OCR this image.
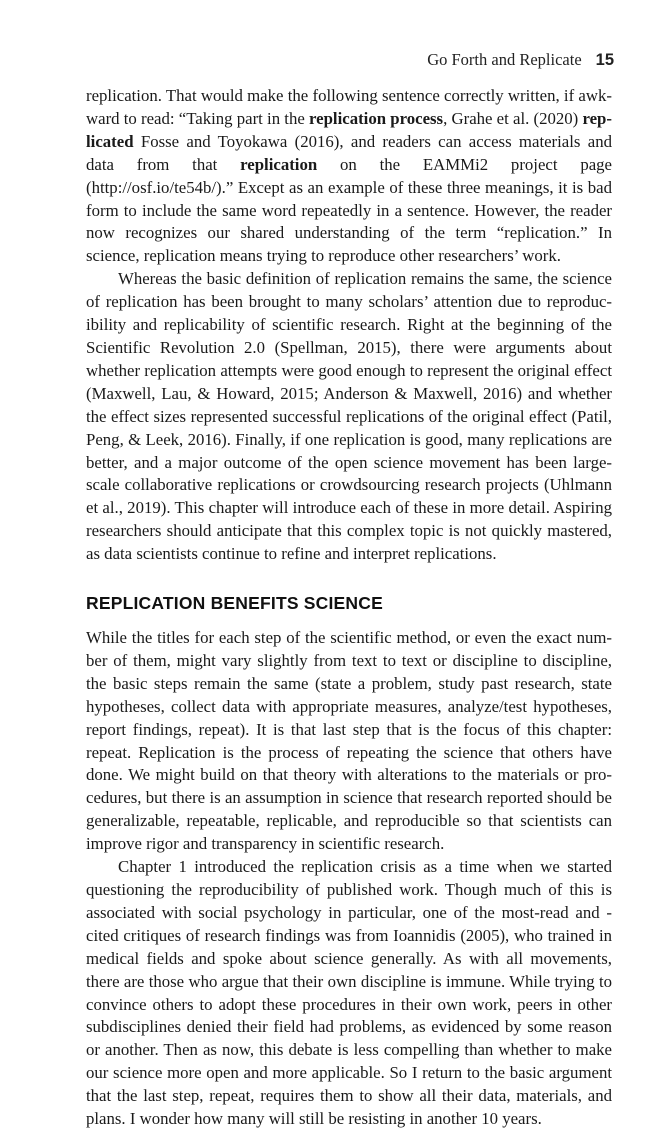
Go Forth and Replicate 15

replication. That would make the following sentence correctly written, if awkward to read: “Taking part in the replication process, Grahe et al. (2020) replicated Fosse and Toyokawa (2016), and readers can access materials and data from that replication on the EAMMi2 project page (http://osf.io/te54b/).” Except as an example of these three meanings, it is bad form to include the same word repeatedly in a sentence. However, the reader now recognizes our shared understanding of the term “replication.” In science, replication means trying to reproduce other researchers’ work.

Whereas the basic definition of replication remains the same, the science of replication has been brought to many scholars’ attention due to reproducibility and replicability of scientific research. Right at the beginning of the Scientific Revolution 2.0 (Spellman, 2015), there were arguments about whether replication attempts were good enough to represent the original effect (Maxwell, Lau, & Howard, 2015; Anderson & Maxwell, 2016) and whether the effect sizes represented successful replications of the original effect (Patil, Peng, & Leek, 2016). Finally, if one replication is good, many replications are better, and a major outcome of the open science movement has been large-scale collaborative replications or crowdsourcing research projects (Uhlmann et al., 2019). This chapter will introduce each of these in more detail. Aspiring researchers should anticipate that this complex topic is not quickly mastered, as data scientists continue to refine and interpret replications.

REPLICATION BENEFITS SCIENCE

While the titles for each step of the scientific method, or even the exact number of them, might vary slightly from text to text or discipline to discipline, the basic steps remain the same (state a problem, study past research, state hypotheses, collect data with appropriate measures, analyze/test hypotheses, report findings, repeat). It is that last step that is the focus of this chapter: repeat. Replication is the process of repeating the science that others have done. We might build on that theory with alterations to the materials or procedures, but there is an assumption in science that research reported should be generalizable, repeatable, replicable, and reproducible so that scientists can improve rigor and transparency in scientific research.

Chapter 1 introduced the replication crisis as a time when we started questioning the reproducibility of published work. Though much of this is associated with social psychology in particular, one of the most-read and -cited critiques of research findings was from Ioannidis (2005), who trained in medical fields and spoke about science generally. As with all movements, there are those who argue that their own discipline is immune. While trying to convince others to adopt these procedures in their own work, peers in other subdisciplines denied their field had problems, as evidenced by some reason or another. Then as now, this debate is less compelling than whether to make our science more open and more applicable. So I return to the basic argument that the last step, repeat, requires them to show all their data, materials, and plans. I wonder how many will still be resisting in another 10 years.
